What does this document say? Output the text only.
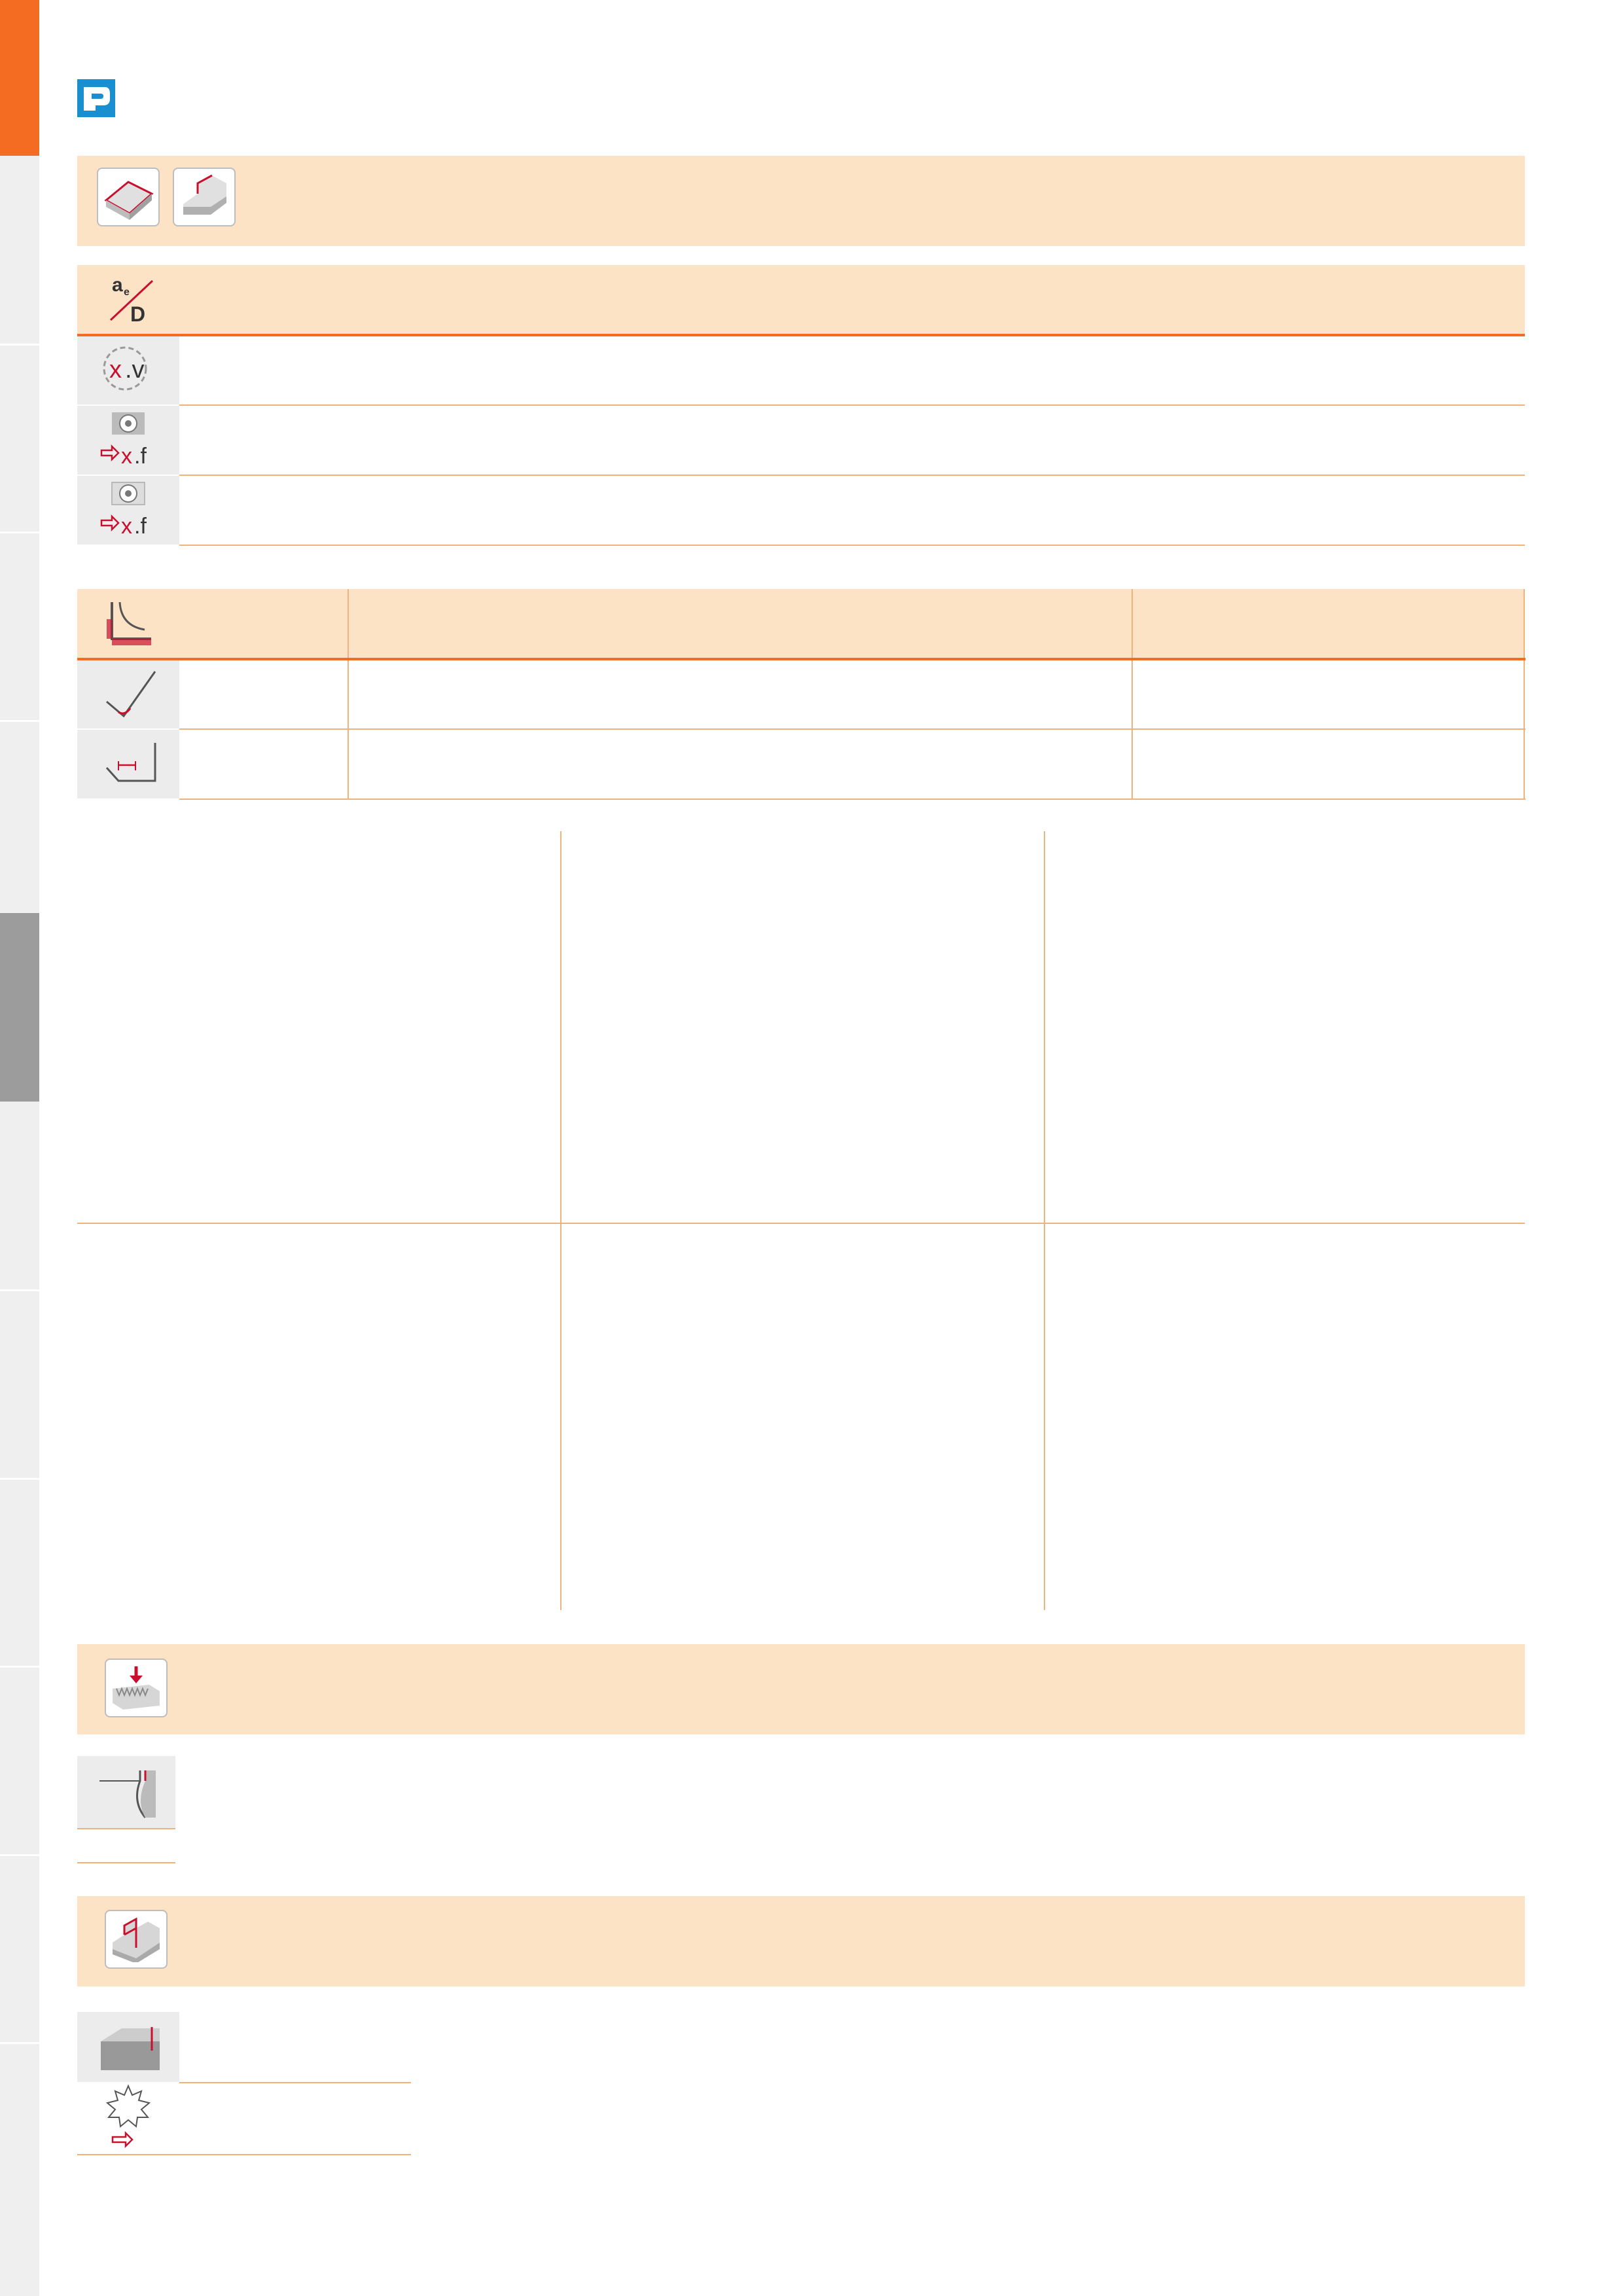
a e
D														

x .v														

x .f														

x .f														
